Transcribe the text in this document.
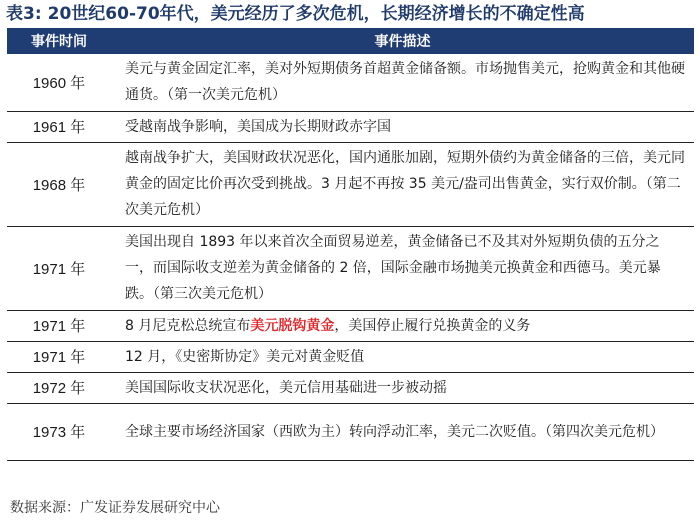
表3: 20世纪60-70年代，美元经历了多次危机，长期经济增长的不确定性高
事件时间	事件描述
1960 年	美元与黄金固定汇率，美对外短期债务首超黄金储备额。市场抛售美元，抢购黄金和其他硬通货。（第一次美元危机）
1961 年	受越南战争影响，美国成为长期财政赤字国
1968 年	越南战争扩大，美国财政状况恶化，国内通胀加剧，短期外债约为黄金储备的三倍，美元同黄金的固定比价再次受到挑战。3 月起不再按 35 美元/盎司出售黄金，实行双价制。（第二次美元危机）
1971 年	美国出现自 1893 年以来首次全面贸易逆差，黄金储备已不及其对外短期负债的五分之一，而国际收支逆差为黄金储备的 2 倍，国际金融市场抛美元换黄金和西德马。美元暴跌。（第三次美元危机）
1971 年	8 月尼克松总统宣布美元脱钩黄金，美国停止履行兑换黄金的义务
1971 年	12 月，《史密斯协定》美元对黄金贬值
1972 年	美国国际收支状况恶化，美元信用基础进一步被动摇
1973 年	全球主要市场经济国家（西欧为主）转向浮动汇率，美元二次贬值。（第四次美元危机）
数据来源：广发证券发展研究中心
